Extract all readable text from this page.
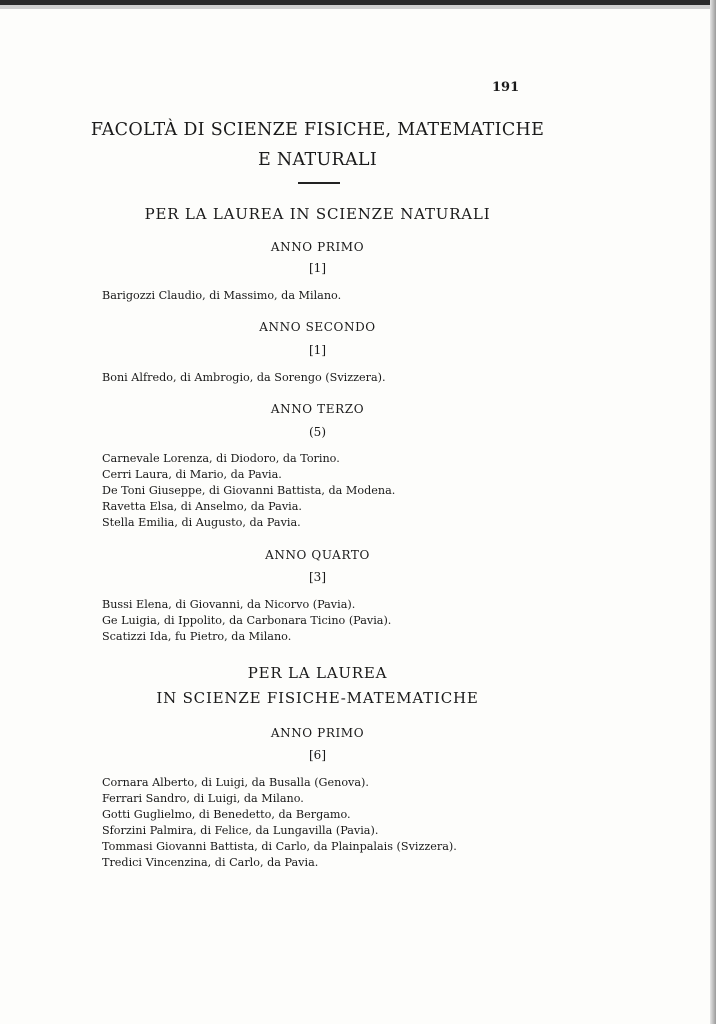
191
FACOLTÀ DI SCIENZE FISICHE, MATEMATICHE
E NATURALI
PER LA LAUREA IN SCIENZE NATURALI
ANNO PRIMO
[1]
Barigozzi Claudio, di Massimo, da Milano.
ANNO SECONDO
[1]
Boni Alfredo, di Ambrogio, da Sorengo (Svizzera).
ANNO TERZO
(5)
Carnevale Lorenza, di Diodoro, da Torino.
Cerri Laura, di Mario, da Pavia.
De Toni Giuseppe, di Giovanni Battista, da Modena.
Ravetta Elsa, di Anselmo, da Pavia.
Stella Emilia, di Augusto, da Pavia.
ANNO QUARTO
[3]
Bussi Elena, di Giovanni, da Nicorvo (Pavia).
Ge Luigia, di Ippolito, da Carbonara Ticino (Pavia).
Scatizzi Ida, fu Pietro, da Milano.
PER LA LAUREA
IN SCIENZE FISICHE-MATEMATICHE
ANNO PRIMO
[6]
Cornara Alberto, di Luigi, da Busalla (Genova).
Ferrari Sandro, di Luigi, da Milano.
Gotti Guglielmo, di Benedetto, da Bergamo.
Sforzini Palmira, di Felice, da Lungavilla (Pavia).
Tommasi Giovanni Battista, di Carlo, da Plainpalais (Svizzera).
Tredici Vincenzina, di Carlo, da Pavia.
